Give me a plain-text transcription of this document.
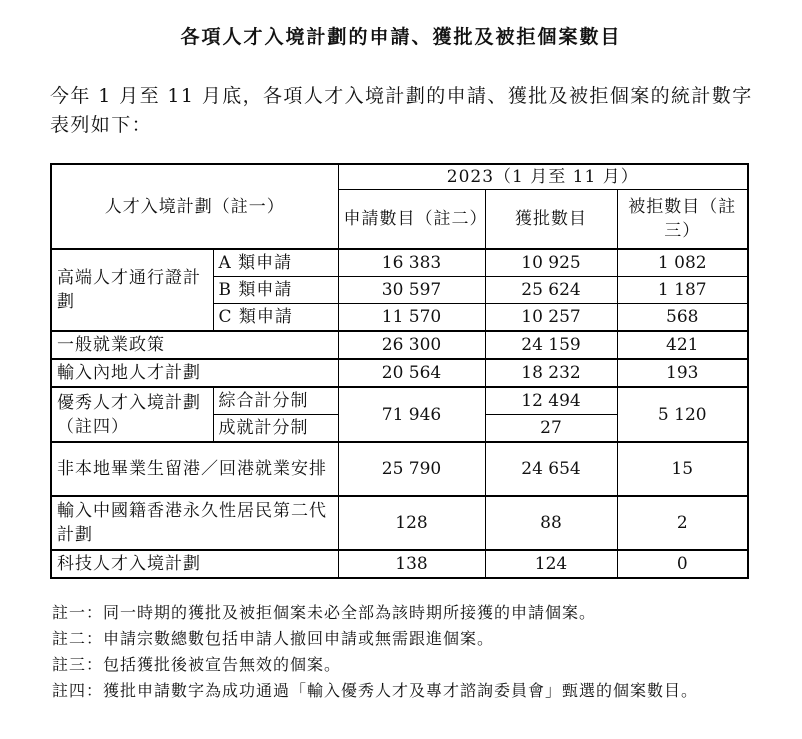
各項人才入境計劃的申請、獲批及被拒個案數目
今年 1 月至 11 月底，各項人才入境計劃的申請、獲批及被拒個案的統計數字表列如下：
人才入境計劃（註一）		2023（1 月至 11 月）		
		申請數目（註二）	獲批數目	被拒數目（註三）
高端人才通行證計劃	A 類申請	16 383	10 925	1 082
	B 類申請	30 597	25 624	1 187
	C 類申請	11 570	10 257	568
一般就業政策		26 300	24 159	421
輸入內地人才計劃		20 564	18 232	193
優秀人才入境計劃（註四）	綜合計分制	71 946	12 494	5 120
	成就計分制		27	
非本地畢業生留港／回港就業安排		25 790	24 654	15
輸入中國籍香港永久性居民第二代計劃		128	88	2
科技人才入境計劃		138	124	0
註一： 同一時期的獲批及被拒個案未必全部為該時期所接獲的申請個案。
註二： 申請宗數總數包括申請人撤回申請或無需跟進個案。
註三： 包括獲批後被宣告無效的個案。
註四： 獲批申請數字為成功通過「輸入優秀人才及專才諮詢委員會」甄選的個案數目。
